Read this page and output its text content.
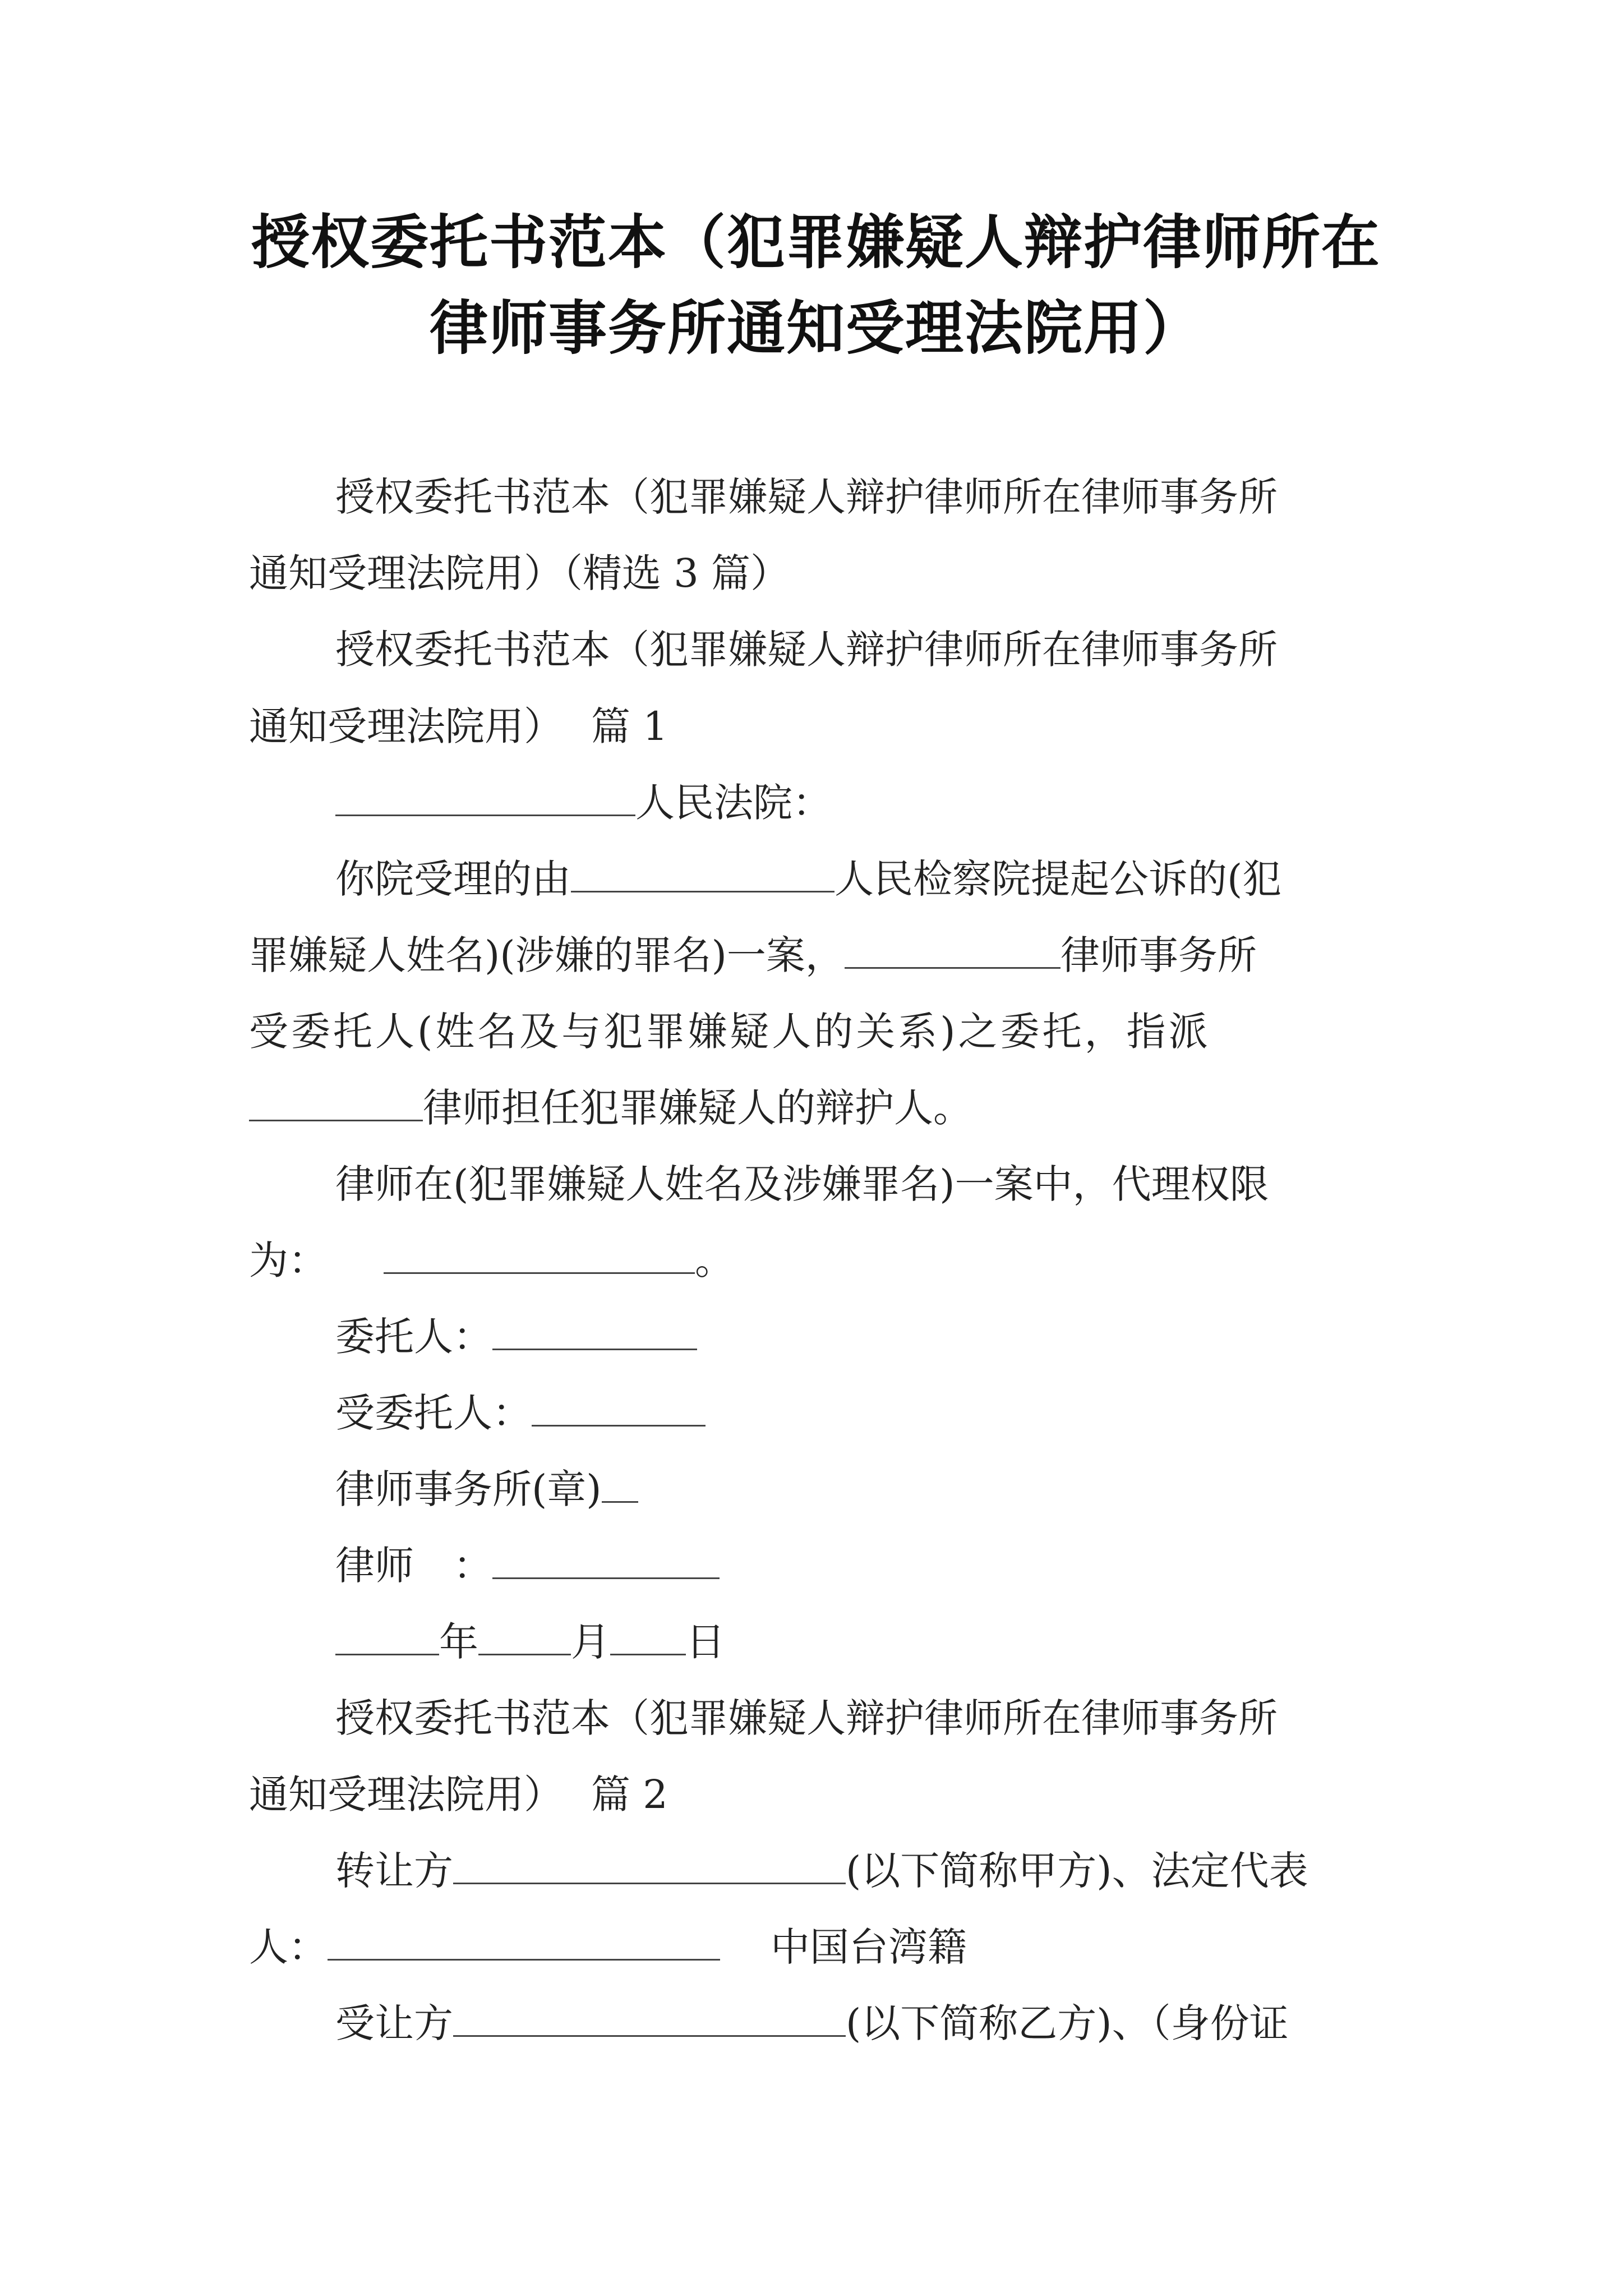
授权委托书范本（犯罪嫌疑人辩护律师所在
律师事务所通知受理法院用）
授权委托书范本（犯罪嫌疑人辩护律师所在律师事务所
通知受理法院用）（精选 3 篇）
授权委托书范本（犯罪嫌疑人辩护律师所在律师事务所
通知受理法院用） 篇 1
人民法院：
你院受理的由	人民检察院提起公诉的(犯
罪嫌疑人姓名)(涉嫌的罪名)一案，	律师事务所
受委托人(姓名及与犯罪嫌疑人的关系)之委托，指派
律师担任犯罪嫌疑人的辩护人。
律师在(犯罪嫌疑人姓名及涉嫌罪名)一案中，代理权限
为：	。
委托人：
受委托人：
律师事务所(章)
律师 ：
年 月 日
授权委托书范本（犯罪嫌疑人辩护律师所在律师事务所
通知受理法院用） 篇 2
转让方	(以下简称甲方)、法定代表
人：	中国台湾籍
受让方	(以下简称乙方)、（身份证
